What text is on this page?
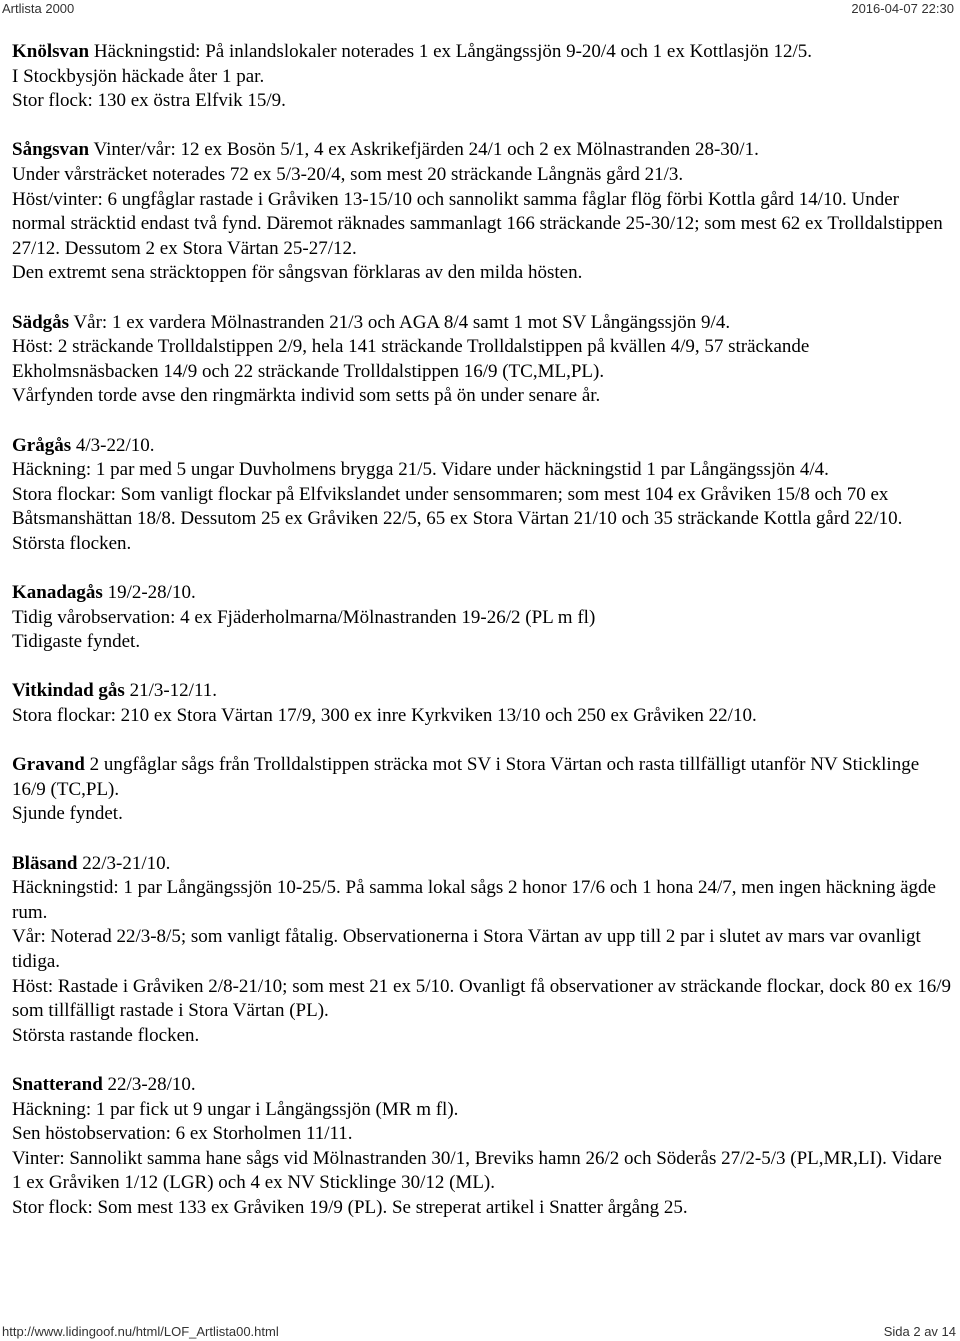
Artlista 2000	2016-04-07 22:30
Knölsvan Häckningstid: På inlandslokaler noterades 1 ex Långängssjön 9-20/4 och 1 ex Kottlasjön 12/5.
I Stockbysjön häckade åter 1 par.
Stor flock: 130 ex östra Elfvik 15/9.
Sångsvan Vinter/vår: 12 ex Bosön 5/1, 4 ex Askrikefjärden 24/1 och 2 ex Mölnastranden 28-30/1.
Under vårsträcket noterades 72 ex 5/3-20/4, som mest 20 sträckande Långnäs gård 21/3.
Höst/vinter: 6 ungfåglar rastade i Gråviken 13-15/10 och sannolikt samma fåglar flög förbi Kottla gård 14/10. Under normal sträcktid endast två fynd. Däremot räknades sammanlagt 166 sträckande 25-30/12; som mest 62 ex Trolldalstippen 27/12. Dessutom 2 ex Stora Värtan 25-27/12.
Den extremt sena sträcktoppen för sångsvan förklaras av den milda hösten.
Sädgås Vår: 1 ex vardera Mölnastranden 21/3 och AGA 8/4 samt 1 mot SV Långängssjön 9/4.
Höst: 2 sträckande Trolldalstippen 2/9, hela 141 sträckande Trolldalstippen på kvällen 4/9, 57 sträckande Ekholmsnäsbacken 14/9 och 22 sträckande Trolldalstippen 16/9 (TC,ML,PL).
Vårfynden torde avse den ringmärkta individ som setts på ön under senare år.
Grågås 4/3-22/10.
Häckning: 1 par med 5 ungar Duvholmens brygga 21/5. Vidare under häckningstid 1 par Långängssjön 4/4.
Stora flockar: Som vanligt flockar på Elfvikslandet under sensommaren; som mest 104 ex Gråviken 15/8 och 70 ex Båtsmanshättan 18/8. Dessutom 25 ex Gråviken 22/5, 65 ex Stora Värtan 21/10 och 35 sträckande Kottla gård 22/10.
Största flocken.
Kanadagås 19/2-28/10.
Tidig vårobservation: 4 ex Fjäderholmarna/Mölnastranden 19-26/2 (PL m fl)
Tidigaste fyndet.
Vitkindad gås 21/3-12/11.
Stora flockar: 210 ex Stora Värtan 17/9, 300 ex inre Kyrkviken 13/10 och 250 ex Gråviken 22/10.
Gravand 2 ungfåglar sågs från Trolldalstippen sträcka mot SV i Stora Värtan och rasta tillfälligt utanför NV Sticklinge 16/9 (TC,PL).
Sjunde fyndet.
Bläsand 22/3-21/10.
Häckningstid: 1 par Långängssjön 10-25/5. På samma lokal sågs 2 honor 17/6 och 1 hona 24/7, men ingen häckning ägde rum.
Vår: Noterad 22/3-8/5; som vanligt fåtalig. Observationerna i Stora Värtan av upp till 2 par i slutet av mars var ovanligt tidiga.
Höst: Rastade i Gråviken 2/8-21/10; som mest 21 ex 5/10. Ovanligt få observationer av sträckande flockar, dock 80 ex 16/9 som tillfälligt rastade i Stora Värtan (PL).
Största rastande flocken.
Snatterand 22/3-28/10.
Häckning: 1 par fick ut 9 ungar i Långängssjön (MR m fl).
Sen höstobservation: 6 ex Storholmen 11/11.
Vinter: Sannolikt samma hane sågs vid Mölnastranden 30/1, Breviks hamn 26/2 och Söderås 27/2-5/3 (PL,MR,LI). Vidare 1 ex Gråviken 1/12 (LGR) och 4 ex NV Sticklinge 30/12 (ML).
Stor flock: Som mest 133 ex Gråviken 19/9 (PL). Se streperat artikel i Snatter årgång 25.
http://www.lidingoof.nu/html/LOF_Artlista00.html	Sida 2 av 14
